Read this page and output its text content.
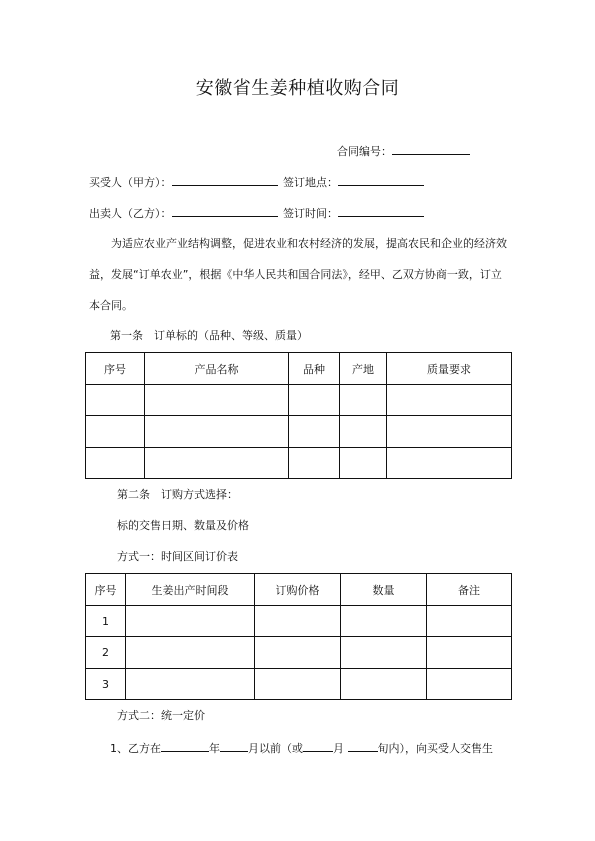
安徽省生姜种植收购合同
合同编号：
买受人（甲方）：	签订地点：
出卖人（乙方）：	签订时间：
为适应农业产业结构调整，促进农业和农村经济的发展，提高农民和企业的经济效益，发展“订单农业”，根据《中华人民共和国合同法》，经甲、乙双方协商一致，订立本合同。
第一条　订单标的（品种、等级、质量）
序号	产品名称	品种	产地	质量要求

第二条　订购方式选择：
标的交售日期、数量及价格
方式一：时间区间订价表
序号	生姜出产时间段	订购价格	数量	备注
1				
2				
3				
方式二：统一定价
1、乙方在	年	月以前（或	月	旬内），向买受人交售生
